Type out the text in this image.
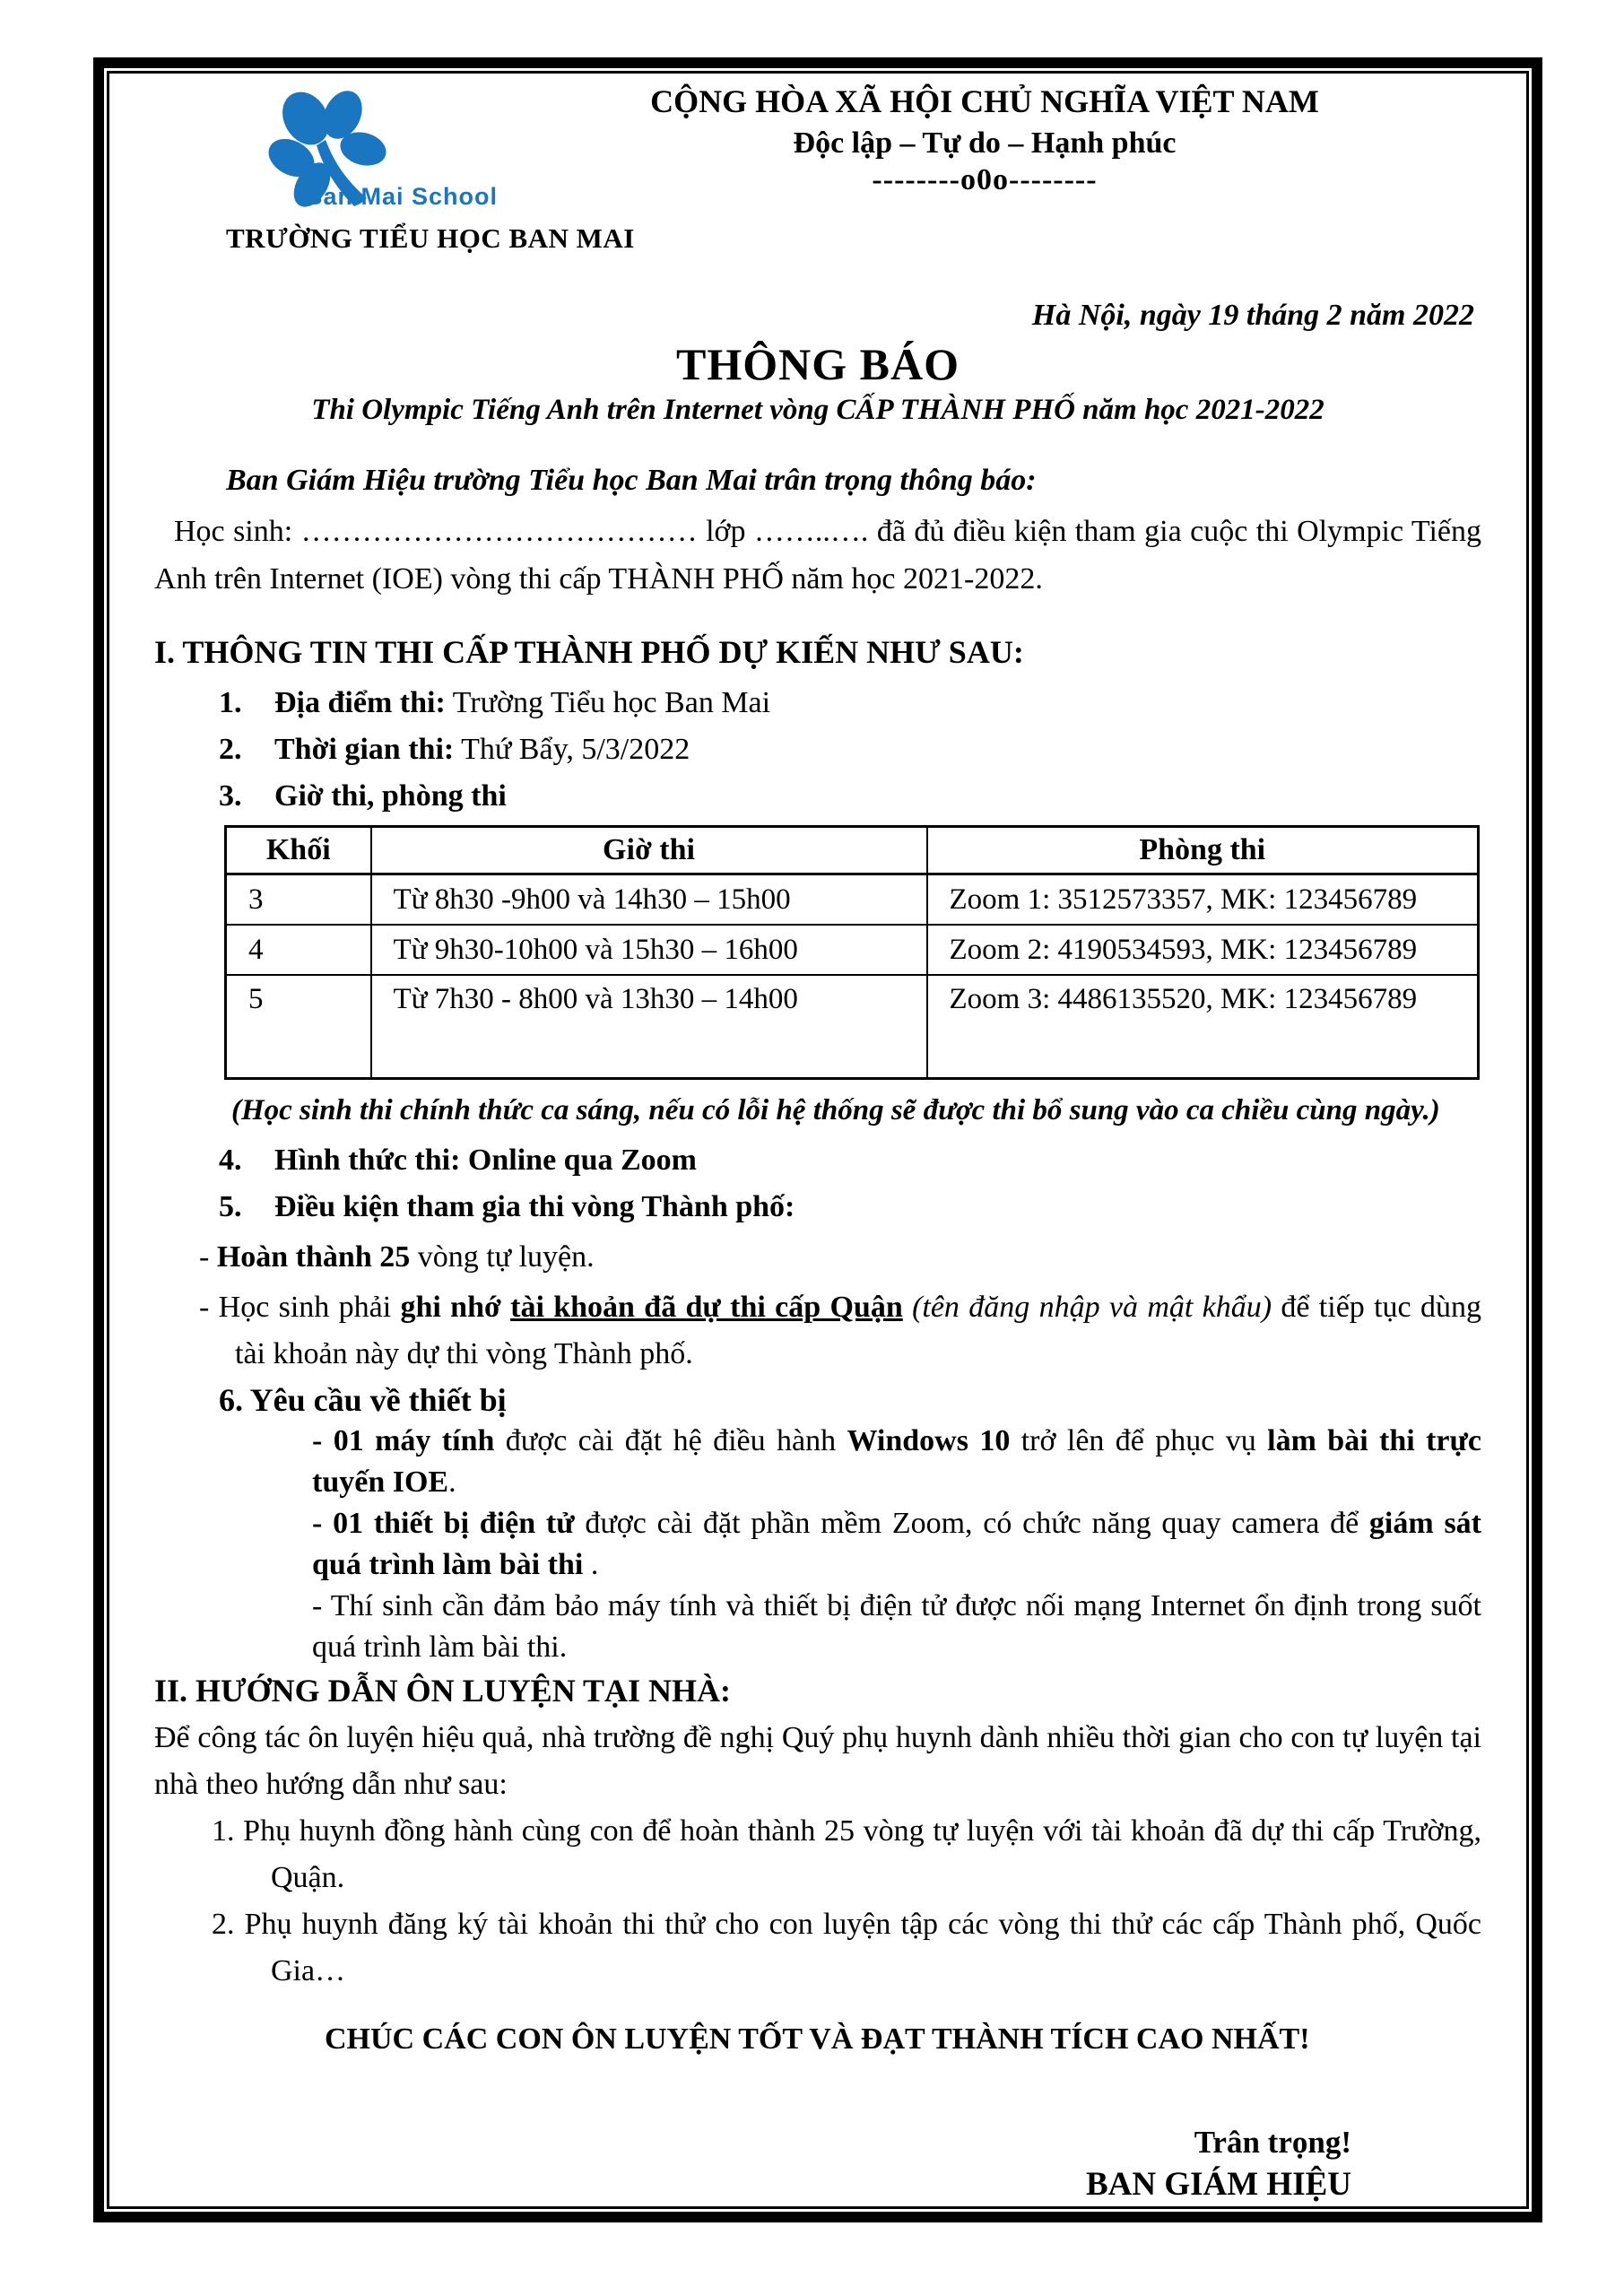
Ban Mai School
TRƯỜNG TIỂU HỌC BAN MAI
CỘNG HÒA XÃ HỘI CHỦ NGHĨA VIỆT NAM
Độc lập – Tự do – Hạnh phúc
--------o0o--------
Hà Nội, ngày 19 tháng 2 năm 2022
THÔNG BÁO
Thi Olympic Tiếng Anh trên Internet vòng CẤP THÀNH PHỐ năm học 2021-2022
Ban Giám Hiệu trường Tiểu học Ban Mai trân trọng thông báo:
Học sinh: ………………………………… lớp ……..…. đã đủ điều kiện tham gia cuộc thi Olympic Tiếng Anh trên Internet (IOE) vòng thi cấp THÀNH PHỐ năm học 2021-2022.
I. THÔNG TIN THI CẤP THÀNH PHỐ DỰ KIẾN NHƯ SAU:
1. Địa điểm thi: Trường Tiểu học Ban Mai
2. Thời gian thi: Thứ Bẩy, 5/3/2022
3. Giờ thi, phòng thi
Khối	Giờ thi	Phòng thi
3	Từ 8h30 -9h00 và 14h30 – 15h00	Zoom 1: 3512573357, MK: 123456789
4	Từ 9h30-10h00 và 15h30 – 16h00	Zoom 2: 4190534593, MK: 123456789
5	Từ 7h30 - 8h00 và 13h30 – 14h00	Zoom 3: 4486135520, MK: 123456789
(Học sinh thi chính thức ca sáng, nếu có lỗi hệ thống sẽ được thi bổ sung vào ca chiều cùng ngày.)
4. Hình thức thi: Online qua Zoom
5. Điều kiện tham gia thi vòng Thành phố:
- Hoàn thành 25 vòng tự luyện.
- Học sinh phải ghi nhớ tài khoản đã dự thi cấp Quận (tên đăng nhập và mật khẩu) để tiếp tục dùng tài khoản này dự thi vòng Thành phố.
6. Yêu cầu về thiết bị
- 01 máy tính được cài đặt hệ điều hành Windows 10 trở lên để phục vụ làm bài thi trực tuyến IOE.
- 01 thiết bị điện tử được cài đặt phần mềm Zoom, có chức năng quay camera để giám sát quá trình làm bài thi .
- Thí sinh cần đảm bảo máy tính và thiết bị điện tử được nối mạng Internet ổn định trong suốt quá trình làm bài thi.
II. HƯỚNG DẪN ÔN LUYỆN TẠI NHÀ:
Để công tác ôn luyện hiệu quả, nhà trường đề nghị Quý phụ huynh dành nhiều thời gian cho con tự luyện tại nhà theo hướng dẫn như sau:
1. Phụ huynh đồng hành cùng con để hoàn thành 25 vòng tự luyện với tài khoản đã dự thi cấp Trường, Quận.
2. Phụ huynh đăng ký tài khoản thi thử cho con luyện tập các vòng thi thử các cấp Thành phố, Quốc Gia…
CHÚC CÁC CON ÔN LUYỆN TỐT VÀ ĐẠT THÀNH TÍCH CAO NHẤT!
Trân trọng!
BAN GIÁM HIỆU
